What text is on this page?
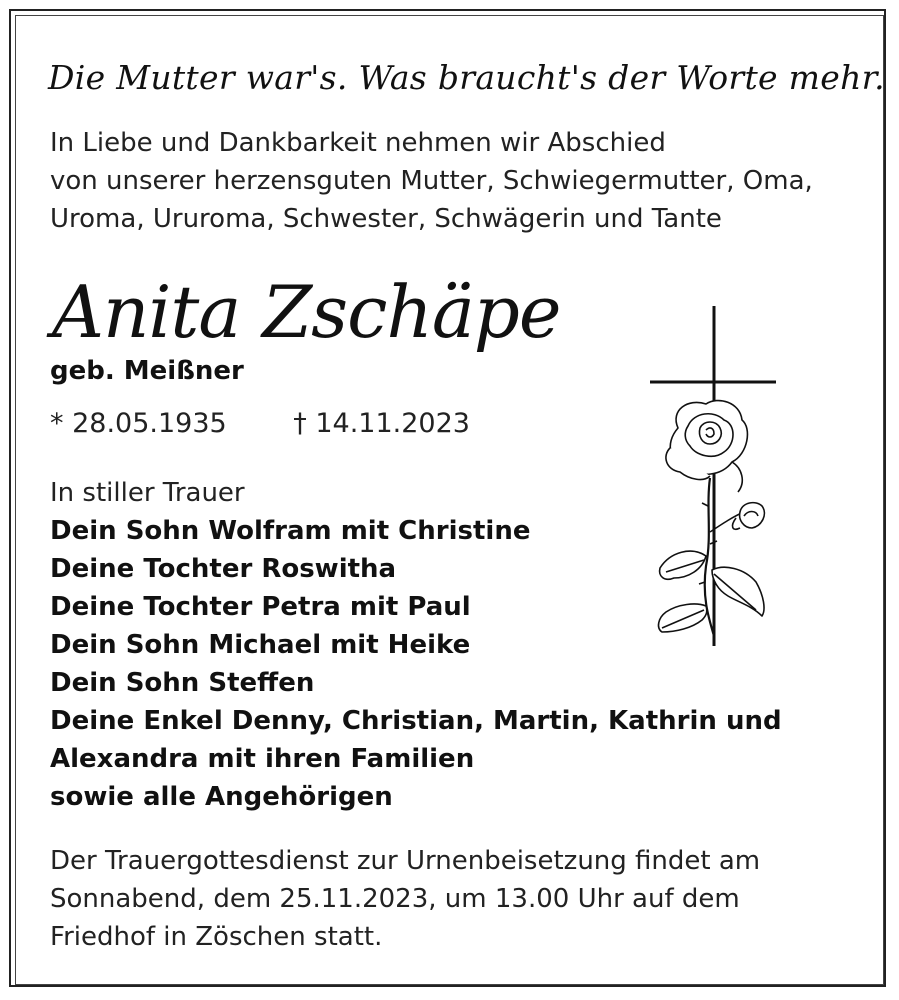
Die Mutter war's. Was braucht's der Worte mehr.
In Liebe und Dankbarkeit nehmen wir Abschied
von unserer herzensguten Mutter, Schwiegermutter, Oma,
Uroma, Ururoma, Schwester, Schwägerin und Tante
Anita Zschäpe
geb. Meißner
* 28.05.1935 † 14.11.2023
In stiller Trauer
Dein Sohn Wolfram mit Christine
Deine Tochter Roswitha
Deine Tochter Petra mit Paul
Dein Sohn Michael mit Heike
Dein Sohn Steffen
Deine Enkel Denny, Christian, Martin, Kathrin und
Alexandra mit ihren Familien
sowie alle Angehörigen
Der Trauergottesdienst zur Urnenbeisetzung findet am
Sonnabend, dem 25.11.2023, um 13.00 Uhr auf dem
Friedhof in Zöschen statt.
